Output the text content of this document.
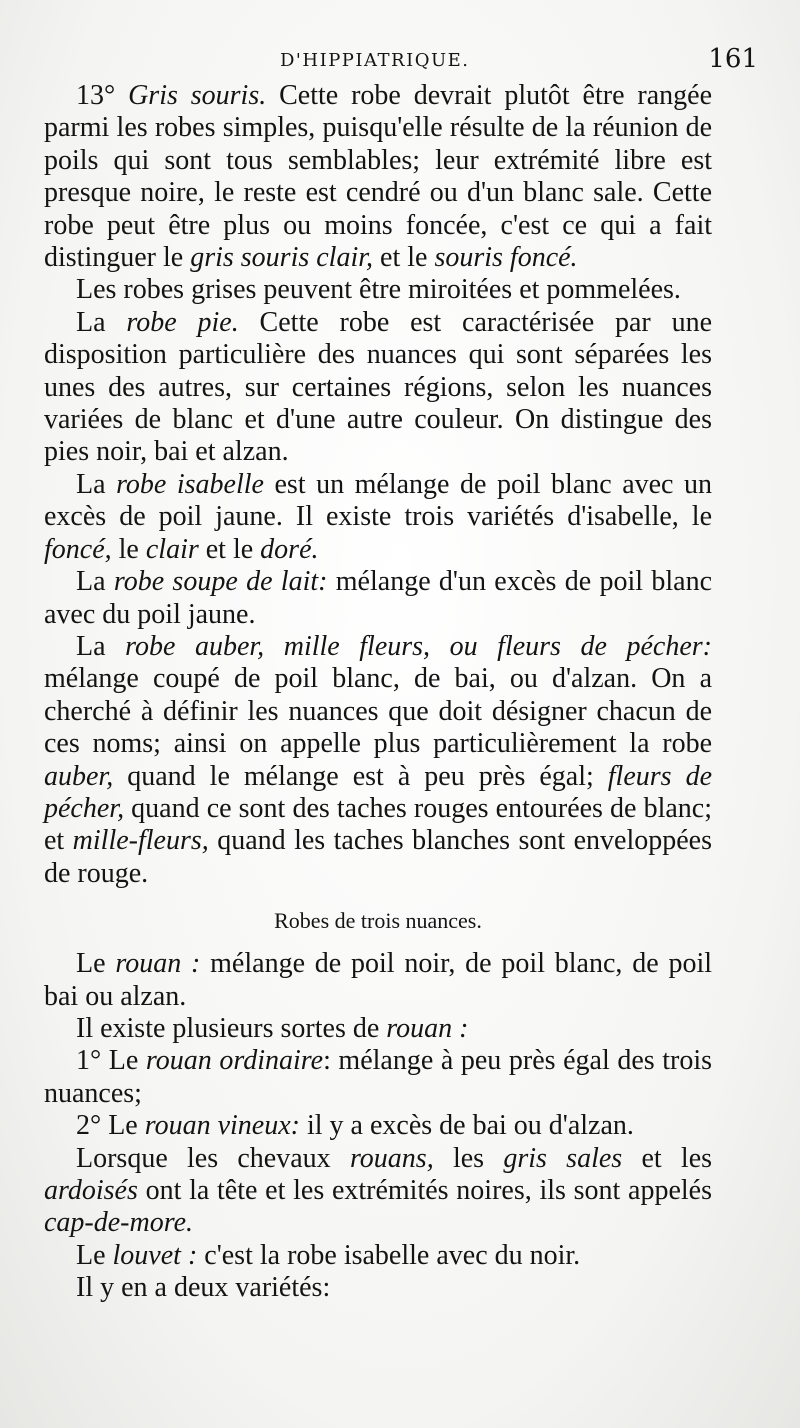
D'HIPPIATRIQUE.	161

13° Gris souris. Cette robe devrait plutôt être rangée parmi les robes simples, puisqu'elle résulte de la réunion de poils qui sont tous semblables; leur extrémité libre est presque noire, le reste est cendré ou d'un blanc sale. Cette robe peut être plus ou moins foncée, c'est ce qui a fait distinguer le gris souris clair, et le souris foncé.

Les robes grises peuvent être miroitées et pommelées.

La robe pie. Cette robe est caractérisée par une disposition particulière des nuances qui sont séparées les unes des autres, sur certaines régions, selon les nuances variées de blanc et d'une autre couleur. On distingue des pies noir, bai et alzan.

La robe isabelle est un mélange de poil blanc avec un excès de poil jaune. Il existe trois variétés d'isabelle, le foncé, le clair et le doré.

La robe soupe de lait: mélange d'un excès de poil blanc avec du poil jaune.

La robe auber, mille fleurs, ou fleurs de pécher: mélange coupé de poil blanc, de bai, ou d'alzan. On a cherché à définir les nuances que doit désigner chacun de ces noms; ainsi on appelle plus particulièrement la robe auber, quand le mélange est à peu près égal; fleurs de pécher, quand ce sont des taches rouges entourées de blanc; et mille-fleurs, quand les taches blanches sont enveloppées de rouge.

Robes de trois nuances.

Le rouan : mélange de poil noir, de poil blanc, de poil bai ou alzan.

Il existe plusieurs sortes de rouan :

1° Le rouan ordinaire: mélange à peu près égal des trois nuances;

2° Le rouan vineux: il y a excès de bai ou d'alzan.

Lorsque les chevaux rouans, les gris sales et les ardoisés ont la tête et les extrémités noires, ils sont appelés cap-de-more.

Le louvet : c'est la robe isabelle avec du noir.

Il y en a deux variétés:
